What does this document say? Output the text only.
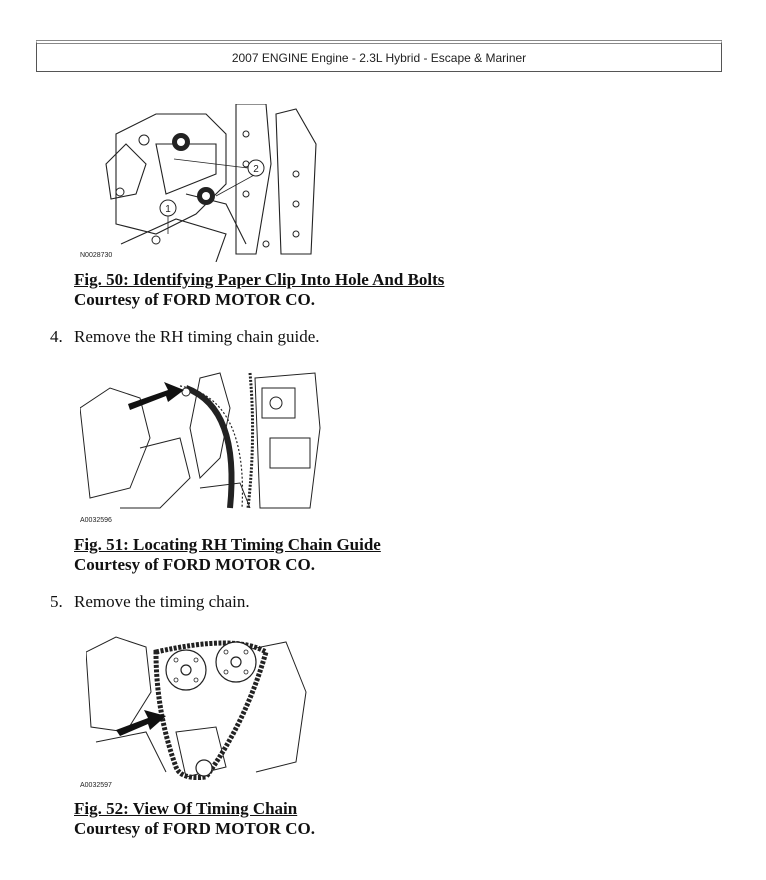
2007 ENGINE Engine - 2.3L Hybrid - Escape & Mariner
2
1
N0028730
Fig. 50: Identifying Paper Clip Into Hole And Bolts
Courtesy of FORD MOTOR CO.
4. Remove the RH timing chain guide.
A0032596
Fig. 51: Locating RH Timing Chain Guide
Courtesy of FORD MOTOR CO.
5. Remove the timing chain.
A0032597
Fig. 52: View Of Timing Chain
Courtesy of FORD MOTOR CO.
